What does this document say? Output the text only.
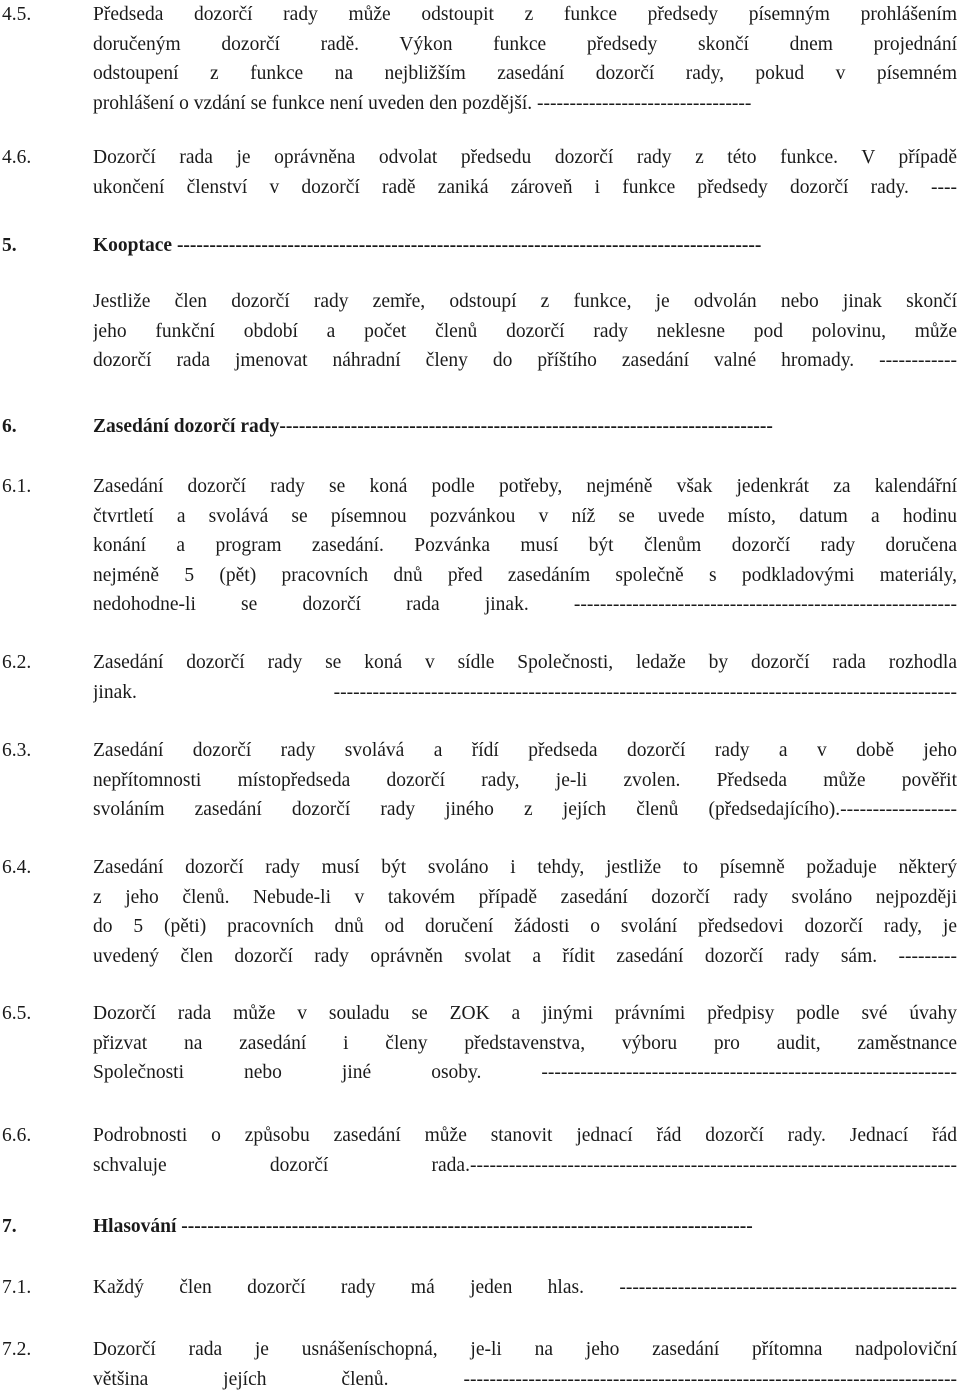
4.5.	Předseda dozorčí rady může odstoupit z funkce předsedy písemným prohlášením
doručeným dozorčí radě. Výkon funkce předsedy skončí dnem projednání
odstoupení z funkce na nejbližším zasedání dozorčí rady, pokud v písemném
prohlášení o vzdání se funkce není uveden den pozdější. ---------------------------------
4.6.	Dozorčí rada je oprávněna odvolat předsedu dozorčí rady z této funkce. V případě
ukončení členství v dozorčí radě zaniká zároveň i funkce předsedy dozorčí rady. ----
5.	Kooptace ------------------------------------------------------------------------------------------
Jestliže člen dozorčí rady zemře, odstoupí z funkce, je odvolán nebo jinak skončí
jeho funkční období a počet členů dozorčí rady neklesne pod polovinu, může
dozorčí rada jmenovat náhradní členy do příštího zasedání valné hromady. ------------
6.	Zasedání dozorčí rady----------------------------------------------------------------------------
6.1.	Zasedání dozorčí rady se koná podle potřeby, nejméně však jedenkrát za kalendářní
čtvrtletí a svolává se písemnou pozvánkou v níž se uvede místo, datum a hodinu
konání a program zasedání. Pozvánka musí být členům dozorčí rady doručena
nejméně 5 (pět) pracovních dnů před zasedáním společně s podkladovými materiály,
nedohodne-li se dozorčí rada jinak. -----------------------------------------------------------
6.2.	Zasedání dozorčí rady se koná v sídle Společnosti, ledaže by dozorčí rada rozhodla
jinak. ------------------------------------------------------------------------------------------------
6.3.	Zasedání dozorčí rady svolává a řídí předseda dozorčí rady a v době jeho
nepřítomnosti místopředseda dozorčí rady, je-li zvolen. Předseda může pověřit
svoláním zasedání dozorčí rady jiného z jejích členů (předsedajícího).------------------
6.4.	Zasedání dozorčí rady musí být svoláno i tehdy, jestliže to písemně požaduje některý
z jeho členů. Nebude-li v takovém případě zasedání dozorčí rady svoláno nejpozději
do 5 (pěti) pracovních dnů od doručení žádosti o svolání předsedovi dozorčí rady, je
uvedený člen dozorčí rady oprávněn svolat a řídit zasedání dozorčí rady sám. ---------
6.5.	Dozorčí rada může v souladu se ZOK a jinými právními předpisy podle své úvahy
přizvat na zasedání i členy představenstva, výboru pro audit, zaměstnance
Společnosti nebo jiné osoby. ----------------------------------------------------------------
6.6.	Podrobnosti o způsobu zasedání může stanovit jednací řád dozorčí rady. Jednací řád
schvaluje dozorčí rada.---------------------------------------------------------------------------
7.	Hlasování ----------------------------------------------------------------------------------------
7.1.	Každý člen dozorčí rady má jeden hlas. ----------------------------------------------------
7.2.	Dozorčí rada je usnášeníschopná, je-li na jeho zasedání přítomna nadpoloviční
většina jejích členů. ----------------------------------------------------------------------------
